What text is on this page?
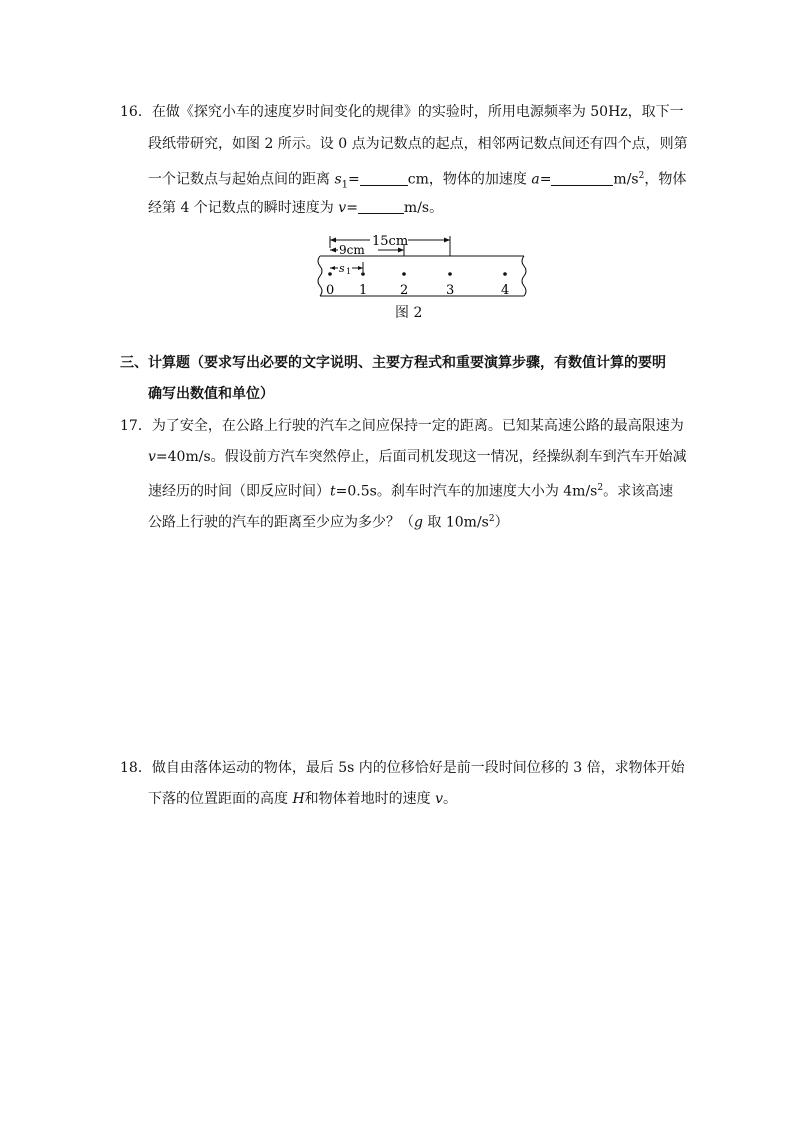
16．在做《探究小车的速度岁时间变化的规律》的实验时，所用电源频率为 50Hz，取下一
段纸带研究，如图 2 所示。设 0 点为记数点的起点，相邻两记数点间还有四个点，则第
一个记数点与起始点间的距离 $s_1=$	cm，物体的加速度 a=	$m/s^2$，物体
经第 4 个记数点的瞬时速度为 v=	m/s。
15cm
9cm
s 1
0 1	2	3	4
图 2
三、计算题（要求写出必要的文字说明、主要方程式和重要演算步骤，有数值计算的要明
确写出数值和单位）
17．为了安全，在公路上行驶的汽车之间应保持一定的距离。已知某高速公路的最高限速为
v=40m/s。假设前方汽车突然停止，后面司机发现这一情况，经操纵刹车到汽车开始减
速经历的时间（即反应时间）t=0.5s。刹车时汽车的加速度大小为 $4m/s^2$。求该高速
公路上行驶的汽车的距离至少应为多少？（g 取 $10m/s^2$）
18．做自由落体运动的物体，最后 5s 内的位移恰好是前一段时间位移的 3 倍，求物体开始
下落的位置距面的高度 H和物体着地时的速度 v。
